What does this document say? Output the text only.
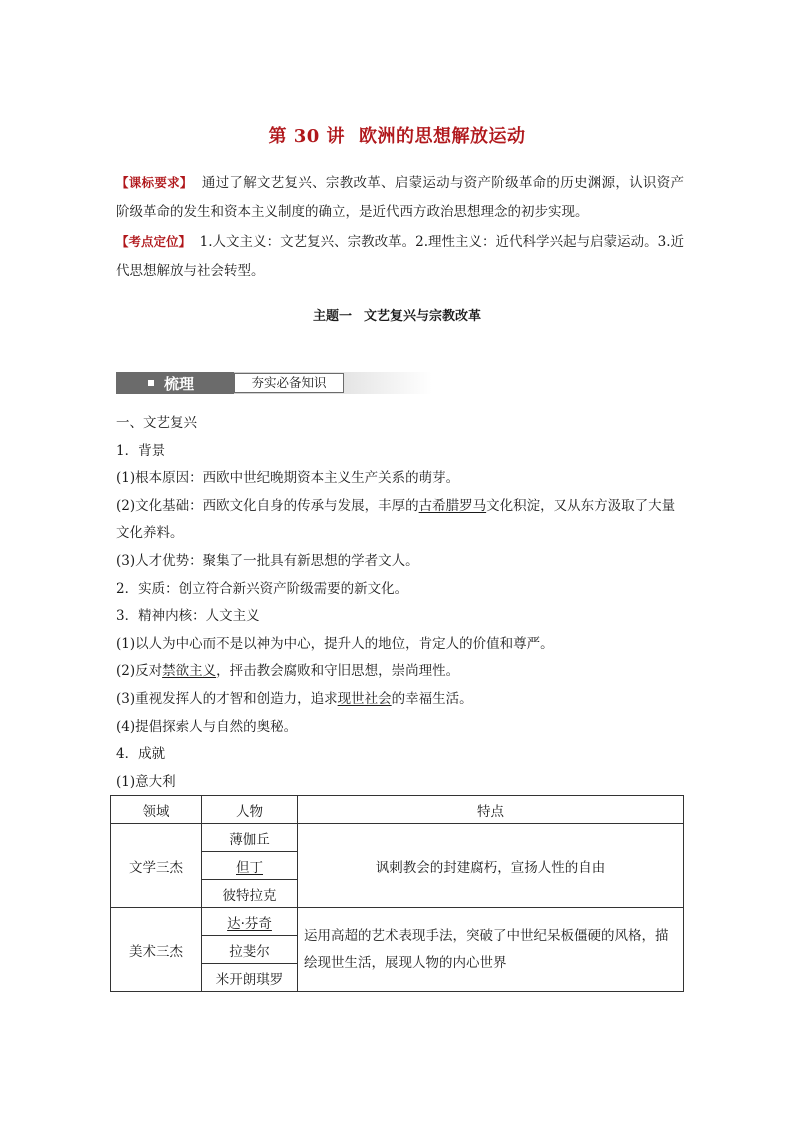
第 30 讲 欧洲的思想解放运动
【课标要求】 通过了解文艺复兴、宗教改革、启蒙运动与资产阶级革命的历史渊源，认识资产阶级革命的发生和资本主义制度的确立，是近代西方政治思想理念的初步实现。
【考点定位】 1.人文主义：文艺复兴、宗教改革。2.理性主义：近代科学兴起与启蒙运动。3.近代思想解放与社会转型。
主题一 文艺复兴与宗教改革
梳理	夯实必备知识

一、文艺复兴

1．背景

(1)根本原因：西欧中世纪晚期资本主义生产关系的萌芽。

(2)文化基础：西欧文化自身的传承与发展，丰厚的古希腊罗马文化积淀，又从东方汲取了大量文化养料。

(3)人才优势：聚集了一批具有新思想的学者文人。

2．实质：创立符合新兴资产阶级需要的新文化。

3．精神内核：人文主义

(1)以人为中心而不是以神为中心，提升人的地位，肯定人的价值和尊严。

(2)反对禁欲主义，抨击教会腐败和守旧思想，崇尚理性。

(3)重视发挥人的才智和创造力，追求现世社会的幸福生活。

(4)提倡探索人与自然的奥秘。

4．成就

(1)意大利

领域	人物	特点
文学三杰	薄伽丘	讽刺教会的封建腐朽，宣扬人性的自由
	但丁	
	彼特拉克	
美术三杰	达·芬奇	运用高超的艺术表现手法，突破了中世纪呆板僵硬的风格，描绘现世生活，展现人物的内心世界
	拉斐尔	
	米开朗琪罗	
